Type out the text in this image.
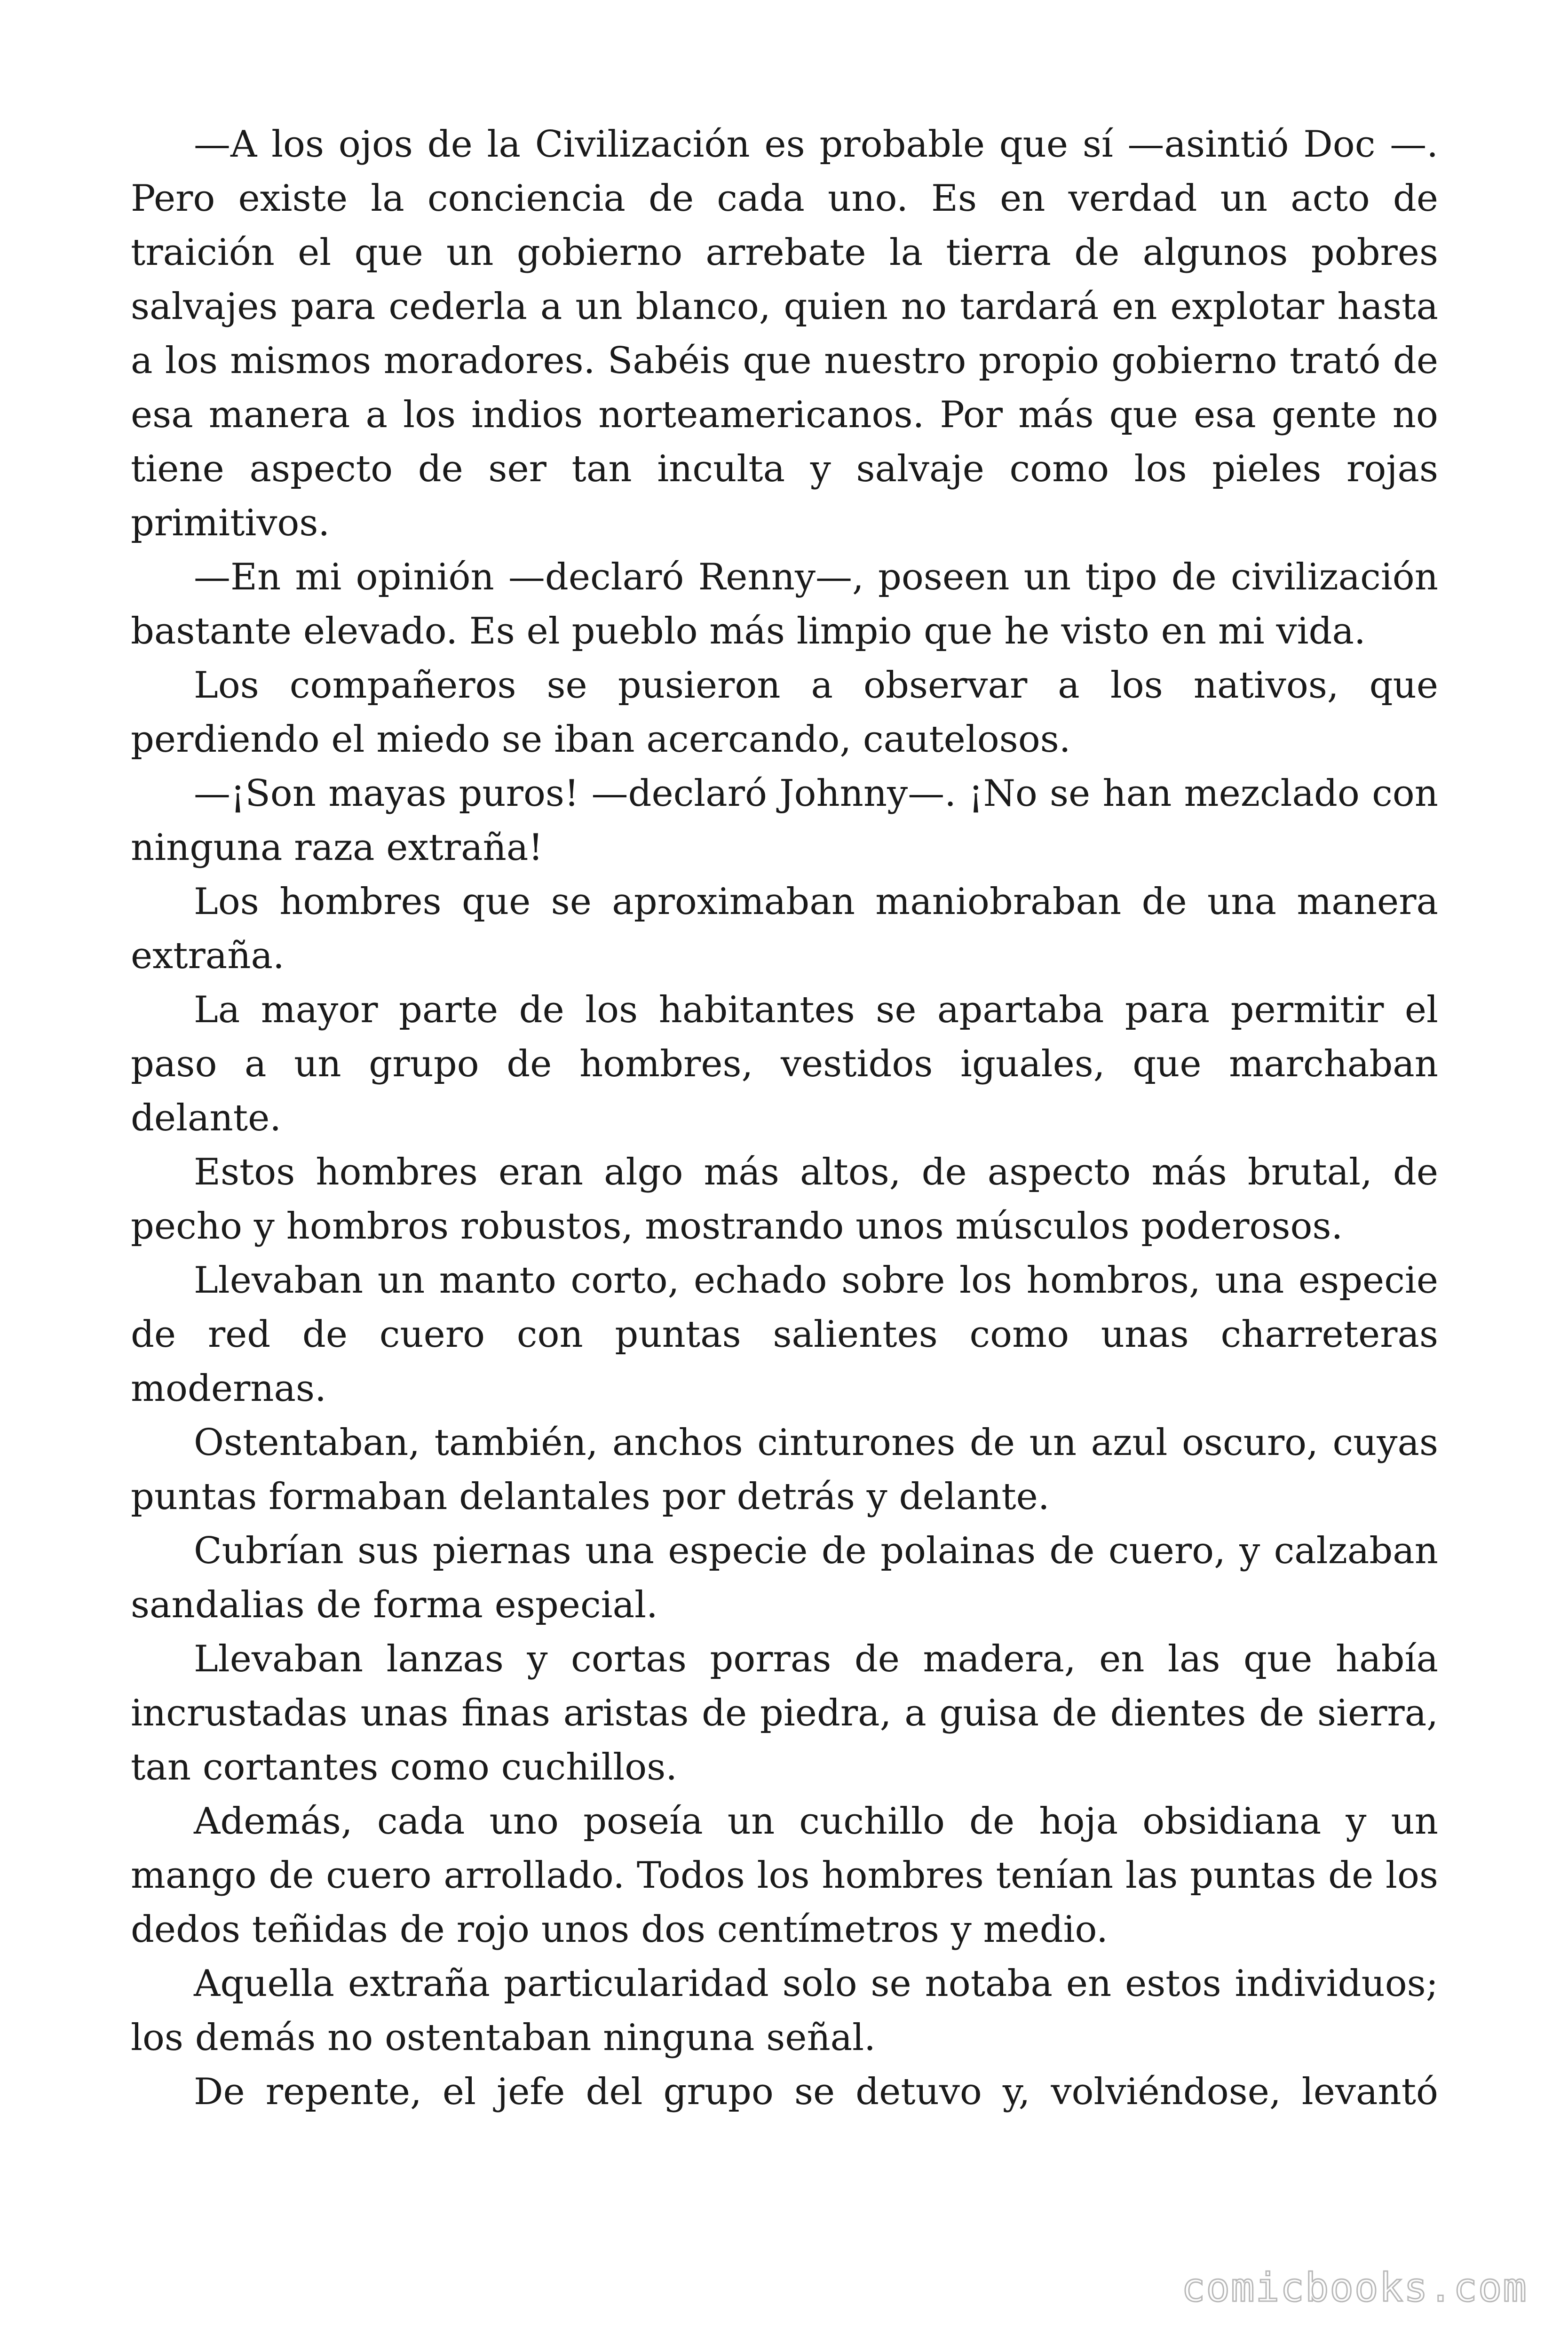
—A los ojos de la Civilización es probable que sí —asintió Doc —. Pero existe la conciencia de cada uno. Es en verdad un acto de traición el que un gobierno arrebate la tierra de algunos pobres salvajes para cederla a un blanco, quien no tardará en explotar hasta a los mismos moradores. Sabéis que nuestro propio gobierno trató de esa manera a los indios norteamericanos. Por más que esa gente no tiene aspecto de ser tan inculta y salvaje como los pieles rojas primitivos.

—En mi opinión —declaró Renny—, poseen un tipo de civilización bastante elevado. Es el pueblo más limpio que he visto en mi vida.

Los compañeros se pusieron a observar a los nativos, que perdiendo el miedo se iban acercando, cautelosos.

—¡Son mayas puros! —declaró Johnny—. ¡No se han mezclado con ninguna raza extraña!

Los hombres que se aproximaban maniobraban de una manera extraña.

La mayor parte de los habitantes se apartaba para permitir el paso a un grupo de hombres, vestidos iguales, que marchaban delante.

Estos hombres eran algo más altos, de aspecto más brutal, de pecho y hombros robustos, mostrando unos músculos poderosos.

Llevaban un manto corto, echado sobre los hombros, una especie de red de cuero con puntas salientes como unas charreteras modernas.

Ostentaban, también, anchos cinturones de un azul oscuro, cuyas puntas formaban delantales por detrás y delante.

Cubrían sus piernas una especie de polainas de cuero, y calzaban sandalias de forma especial.

Llevaban lanzas y cortas porras de madera, en las que había incrustadas unas finas aristas de piedra, a guisa de dientes de sierra, tan cortantes como cuchillos.

Además, cada uno poseía un cuchillo de hoja obsidiana y un mango de cuero arrollado. Todos los hombres tenían las puntas de los dedos teñidas de rojo unos dos centímetros y medio.

Aquella extraña particularidad solo se notaba en estos individuos; los demás no ostentaban ninguna señal.

De repente, el jefe del grupo se detuvo y, volviéndose, levantó

comicbooks.com
